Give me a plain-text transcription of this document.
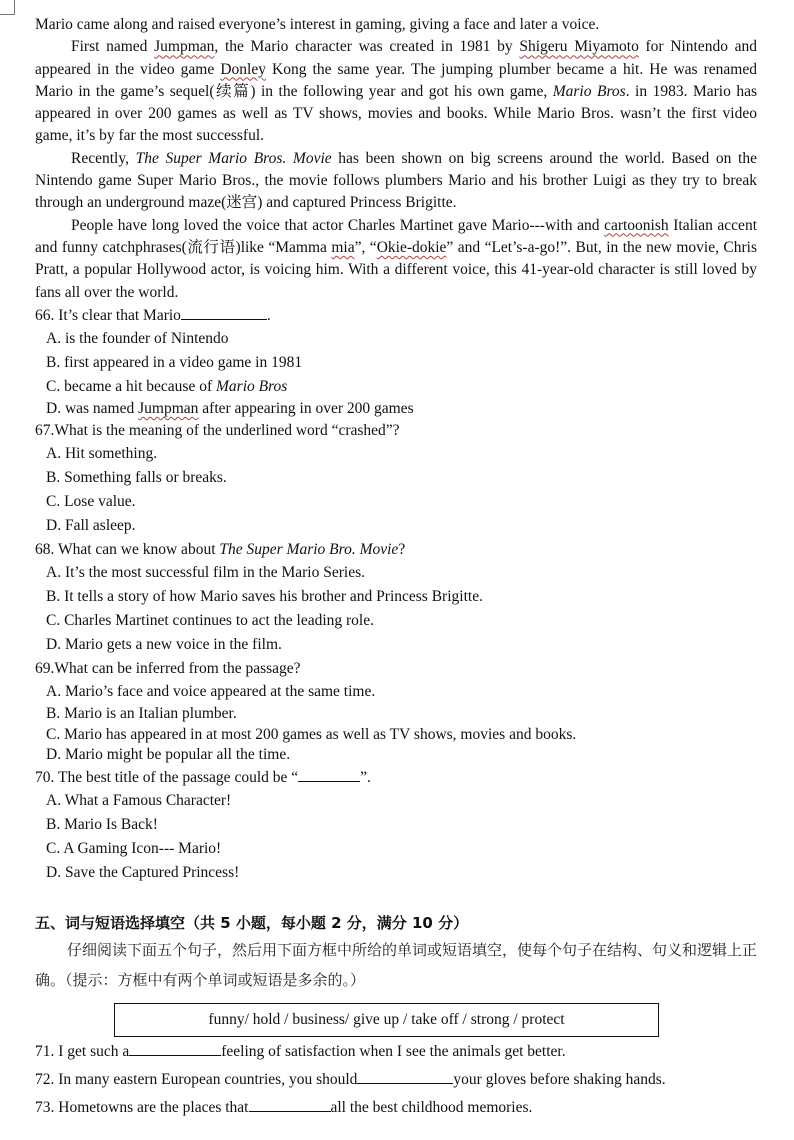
Mario came along and raised everyone’s interest in gaming, giving a face and later a voice.

First named Jumpman, the Mario character was created in 1981 by Shigeru Miyamoto for Nintendo and appeared in the video game Donley Kong the same year. The jumping plumber became a hit. He was renamed Mario in the game’s sequel(续篇) in the following year and got his own game, Mario Bros. in 1983. Mario has appeared in over 200 games as well as TV shows, movies and books. While Mario Bros. wasn’t the first video game, it’s by far the most successful.

Recently, The Super Mario Bros. Movie has been shown on big screens around the world. Based on the Nintendo game Super Mario Bros., the movie follows plumbers Mario and his brother Luigi as they try to break through an underground maze(迷宫) and captured Princess Brigitte.

People have long loved the voice that actor Charles Martinet gave Mario---with and cartoonish Italian accent and funny catchphrases(流行语)like “Mamma mia”, “Okie-dokie” and “Let’s-a-go!”. But, in the new movie, Chris Pratt, a popular Hollywood actor, is voicing him. With a different voice, this 41-year-old character is still loved by fans all over the world.

66. It’s clear that Mario	.

A. is the founder of Nintendo

B. first appeared in a video game in 1981

C. became a hit because of Mario Bros

D. was named Jumpman after appearing in over 200 games

67.What is the meaning of the underlined word “crashed”?

A. Hit something.

B. Something falls or breaks.

C. Lose value.

D. Fall asleep.

68. What can we know about The Super Mario Bro. Movie?

A. It’s the most successful film in the Mario Series.

B. It tells a story of how Mario saves his brother and Princess Brigitte.

C. Charles Martinet continues to act the leading role.

D. Mario gets a new voice in the film.

69.What can be inferred from the passage?

A. Mario’s face and voice appeared at the same time.

B. Mario is an Italian plumber.

C. Mario has appeared in at most 200 games as well as TV shows, movies and books.

D. Mario might be popular all the time.

70. The best title of the passage could be “	”.

A. What a Famous Character!

B. Mario Is Back!

C. A Gaming Icon--- Mario!

D. Save the Captured Princess!

五、词与短语选择填空（共 5 小题，每小题 2 分，满分 10 分）

仔细阅读下面五个句子，然后用下面方框中所给的单词或短语填空，使每个句子在结构、句义和逻辑上正确。（提示：方框中有两个单词或短语是多余的。）

funny/ hold / business/ give up / take off / strong / protect

71. I get such a	feeling of satisfaction when I see the animals get better.

72. In many eastern European countries, you should	your gloves before shaking hands.

73. Hometowns are the places that	all the best childhood memories.
